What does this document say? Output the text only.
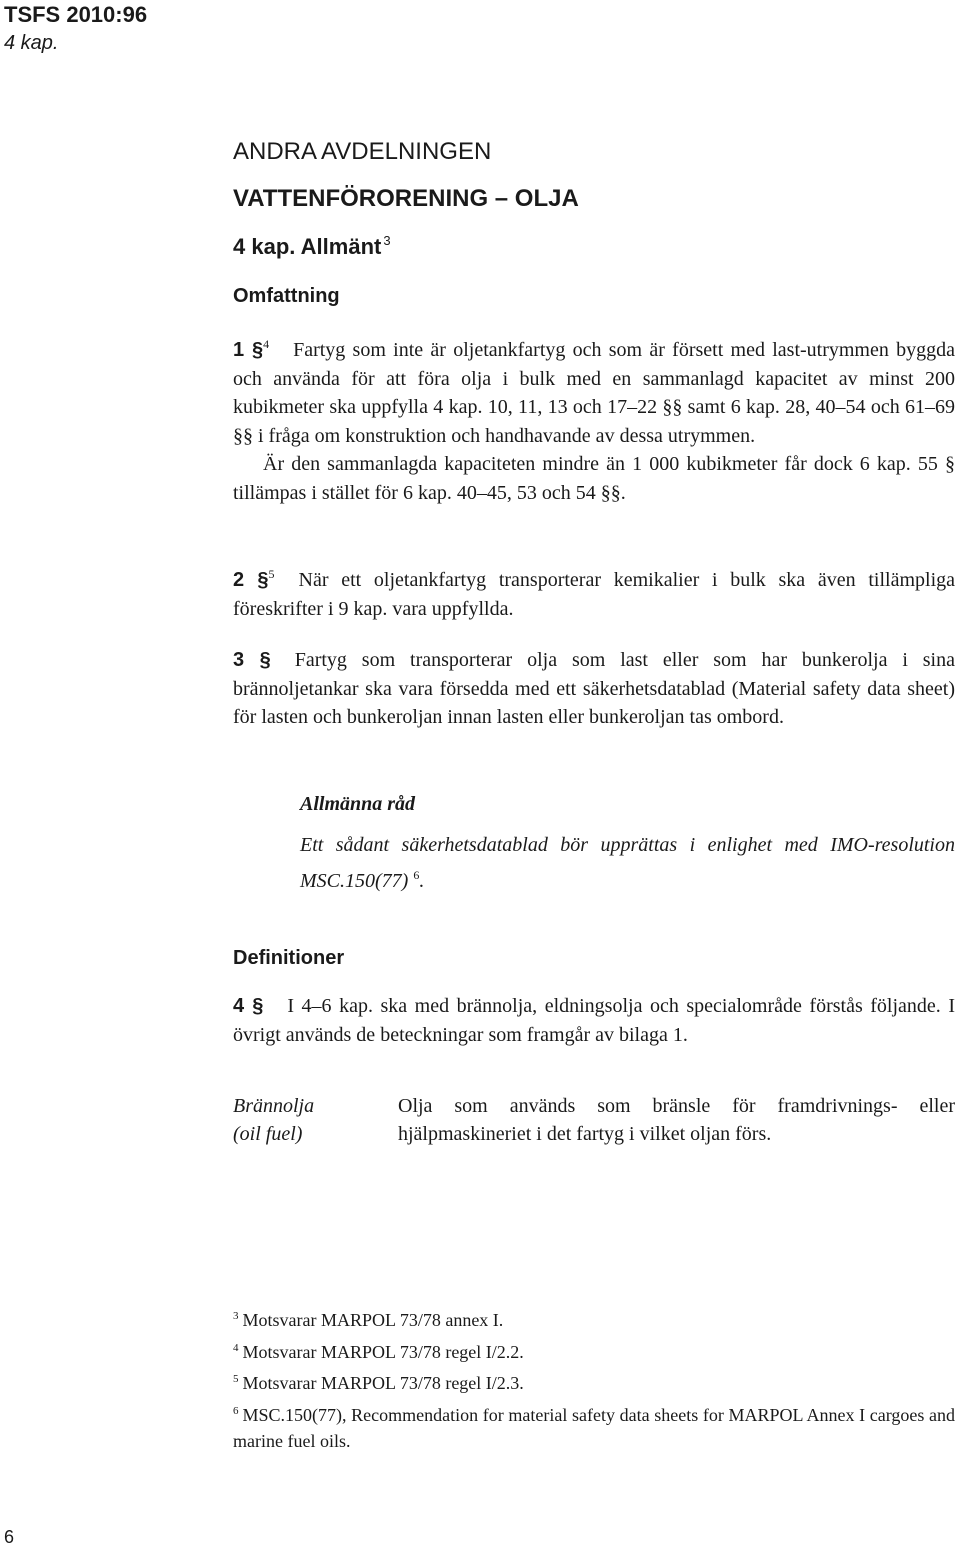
TSFS 2010:96
4 kap.
ANDRA AVDELNINGEN
VATTENFÖRORENING – OLJA
4 kap. Allmänt $^3$
Omfattning
1 §$^4$ Fartyg som inte är oljetankfartyg och som är försett med last-utrymmen byggda och använda för att föra olja i bulk med en sammanlagd kapacitet av minst 200 kubikmeter ska uppfylla 4 kap. 10, 11, 13 och 17–22 §§ samt 6 kap. 28, 40–54 och 61–69 §§ i fråga om konstruktion och handhavande av dessa utrymmen.
Är den sammanlagda kapaciteten mindre än 1 000 kubikmeter får dock 6 kap. 55 § tillämpas i stället för 6 kap. 40–45, 53 och 54 §§.
2 §$^5$ När ett oljetankfartyg transporterar kemikalier i bulk ska även tillämpliga föreskrifter i 9 kap. vara uppfyllda.
3 § Fartyg som transporterar olja som last eller som har bunkerolja i sina brännoljetankar ska vara försedda med ett säkerhetsdatablad (Material safety data sheet) för lasten och bunkeroljan innan lasten eller bunkeroljan tas ombord.
Allmänna råd
Ett sådant säkerhetsdatablad bör upprättas i enlighet med IMO-resolution MSC.150(77) $^6$.
Definitioner
4 § I 4–6 kap. ska med brännolja, eldningsolja och specialområde förstås följande. I övrigt används de beteckningar som framgår av bilaga 1.
Brännolja
(oil fuel)
Olja som används som bränsle för framdrivnings- eller hjälpmaskineriet i det fartyg i vilket oljan förs.
$^3$ Motsvarar MARPOL 73/78 annex I.
$^4$ Motsvarar MARPOL 73/78 regel I/2.2.
$^5$ Motsvarar MARPOL 73/78 regel I/2.3.
$^6$ MSC.150(77), Recommendation for material safety data sheets for MARPOL Annex I cargoes and marine fuel oils.
6
